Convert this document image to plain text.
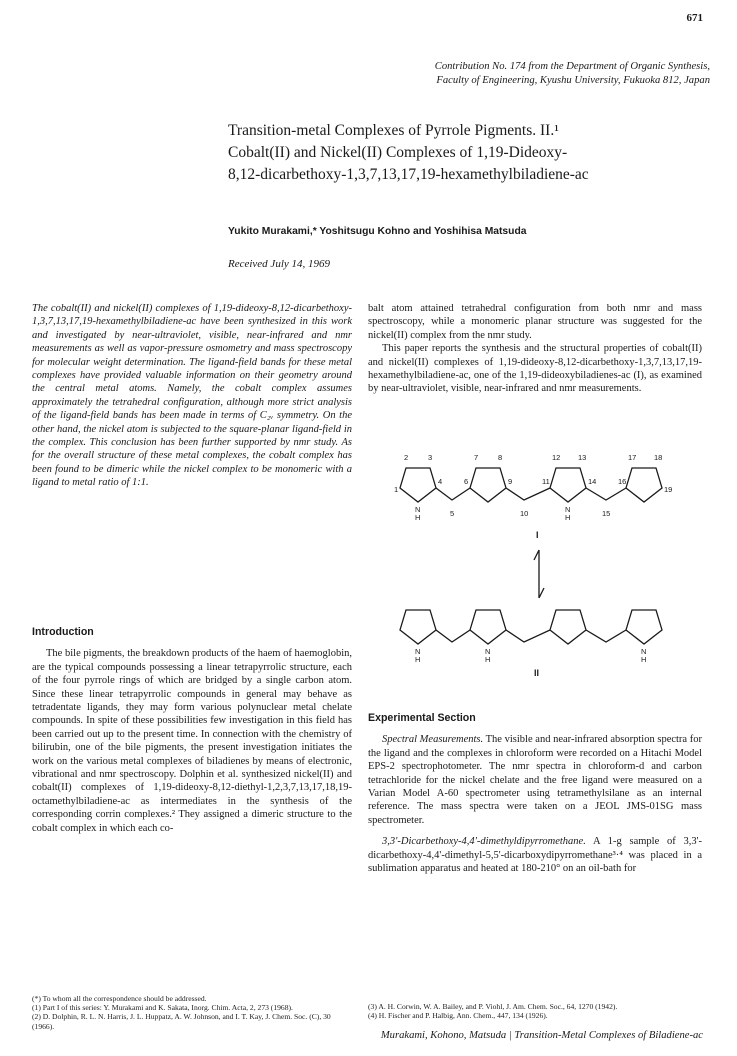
671
Contribution No. 174 from the Department of Organic Synthesis,
Faculty of Engineering, Kyushu University, Fukuoka 812, Japan
Transition-metal Complexes of Pyrrole Pigments. II.¹
Cobalt(II) and Nickel(II) Complexes of 1,19-Dideoxy-
8,12-dicarbethoxy-1,3,7,13,17,19-hexamethylbiladiene-ac
Yukito Murakami,* Yoshitsugu Kohno and Yoshihisa Matsuda
Received July 14, 1969
The cobalt(II) and nickel(II) complexes of 1,19-dideoxy-8,12-dicarbethoxy-1,3,7,13,17,19-hexamethylbiladiene-ac have been synthesized in this work and investigated by near-ultraviolet, visible, near-infrared and nmr measurements as well as vapor-pressure osmometry and mass spectroscopy for molecular weight determination. The ligand-field bands for these metal complexes have provided valuable information on their geometry around the central metal atoms. Namely, the cobalt complex assumes approximately the tetrahedral configuration, although more strict analysis of the ligand-field bands has been made in terms of C₂ᵥ symmetry. On the other hand, the nickel atom is subjected to the square-planar ligand-field in the complex. This conclusion has been further supported by nmr study. As for the overall structure of these metal complexes, the cobalt complex has been found to be dimeric while the nickel complex to be monomeric with a ligand to metal ratio of 1:1.
Introduction

The bile pigments, the breakdown products of the haem of haemoglobin, are the typical compounds possessing a linear tetrapyrrolic structure, each of the four pyrrole rings of which are bridged by a single carbon atom. Since these linear tetrapyrrolic compounds in general may behave as tetradentate ligands, they may form various polynuclear metal chelate compounds. In spite of these possibilities few investigation in this field has been carried out up to the present time. In connection with the chemistry of bilirubin, one of the bile pigments, the present investigation initiates the work on the various metal complexes of biladienes by means of electronic, vibrational and nmr spectroscopy. Dolphin et al. synthesized nickel(II) and cobalt(II) complexes of 1,19-dideoxy-8,12-diethyl-1,2,3,7,13,17,18,19-octamethylbiladiene-ac as intermediates in the synthesis of the corresponding corrin complexes.² They assigned a dimeric structure to the cobalt complex in which each co-

balt atom attained tetrahedral configuration from both nmr and mass spectroscopy, while a monomeric planar structure was suggested for the nickel(II) complex from the nmr study.

This paper reports the synthesis and the structural properties of cobalt(II) and nickel(II) complexes of 1,19-dideoxy-8,12-dicarbethoxy-1,3,7,13,17,19-hexamethylbiladiene-ac, one of the 1,19-dideoxybiladienes-ac (I), as examined by near-ultraviolet, visible, near-infrared and nmr measurements.

2	3	7	8	12 13	17 18
1
4	6	9	11	14	16
19
5	10	15
N
H
N
H
N
H
N
H
N
H
I
II
Experimental Section

Spectral Measurements. The visible and near-infrared absorption spectra for the ligand and the complexes in chloroform were recorded on a Hitachi Model EPS-2 spectrophotometer. The nmr spectra in chloroform-d and carbon tetrachloride for the nickel chelate and the free ligand were measured on a Varian Model A-60 spectrometer using tetramethylsilane as an internal reference. The mass spectra were taken on a JEOL JMS-01SG mass spectrometer.

3,3'-Dicarbethoxy-4,4'-dimethyldipyrromethane. A 1-g sample of 3,3'-dicarbethoxy-4,4'-dimethyl-5,5'-dicarboxydipyrromethane³·⁴ was placed in a sublimation apparatus and heated at 180-210° on an oil-bath for

(*) To whom all the correspondence should be addressed.
(1) Part I of this series: Y. Murakami and K. Sakata, Inorg. Chim. Acta, 2, 273 (1968).
(2) D. Dolphin, R. L. N. Harris, J. L. Huppatz, A. W. Johnson, and I. T. Kay, J. Chem. Soc. (C), 30 (1966).
(3) A. H. Corwin, W. A. Bailey, and P. Viohl, J. Am. Chem. Soc., 64, 1270 (1942).
(4) H. Fischer and P. Halbig, Ann. Chem., 447, 134 (1926).
Murakami, Kohono, Matsuda | Transition-Metal Complexes of Biladiene-ac
